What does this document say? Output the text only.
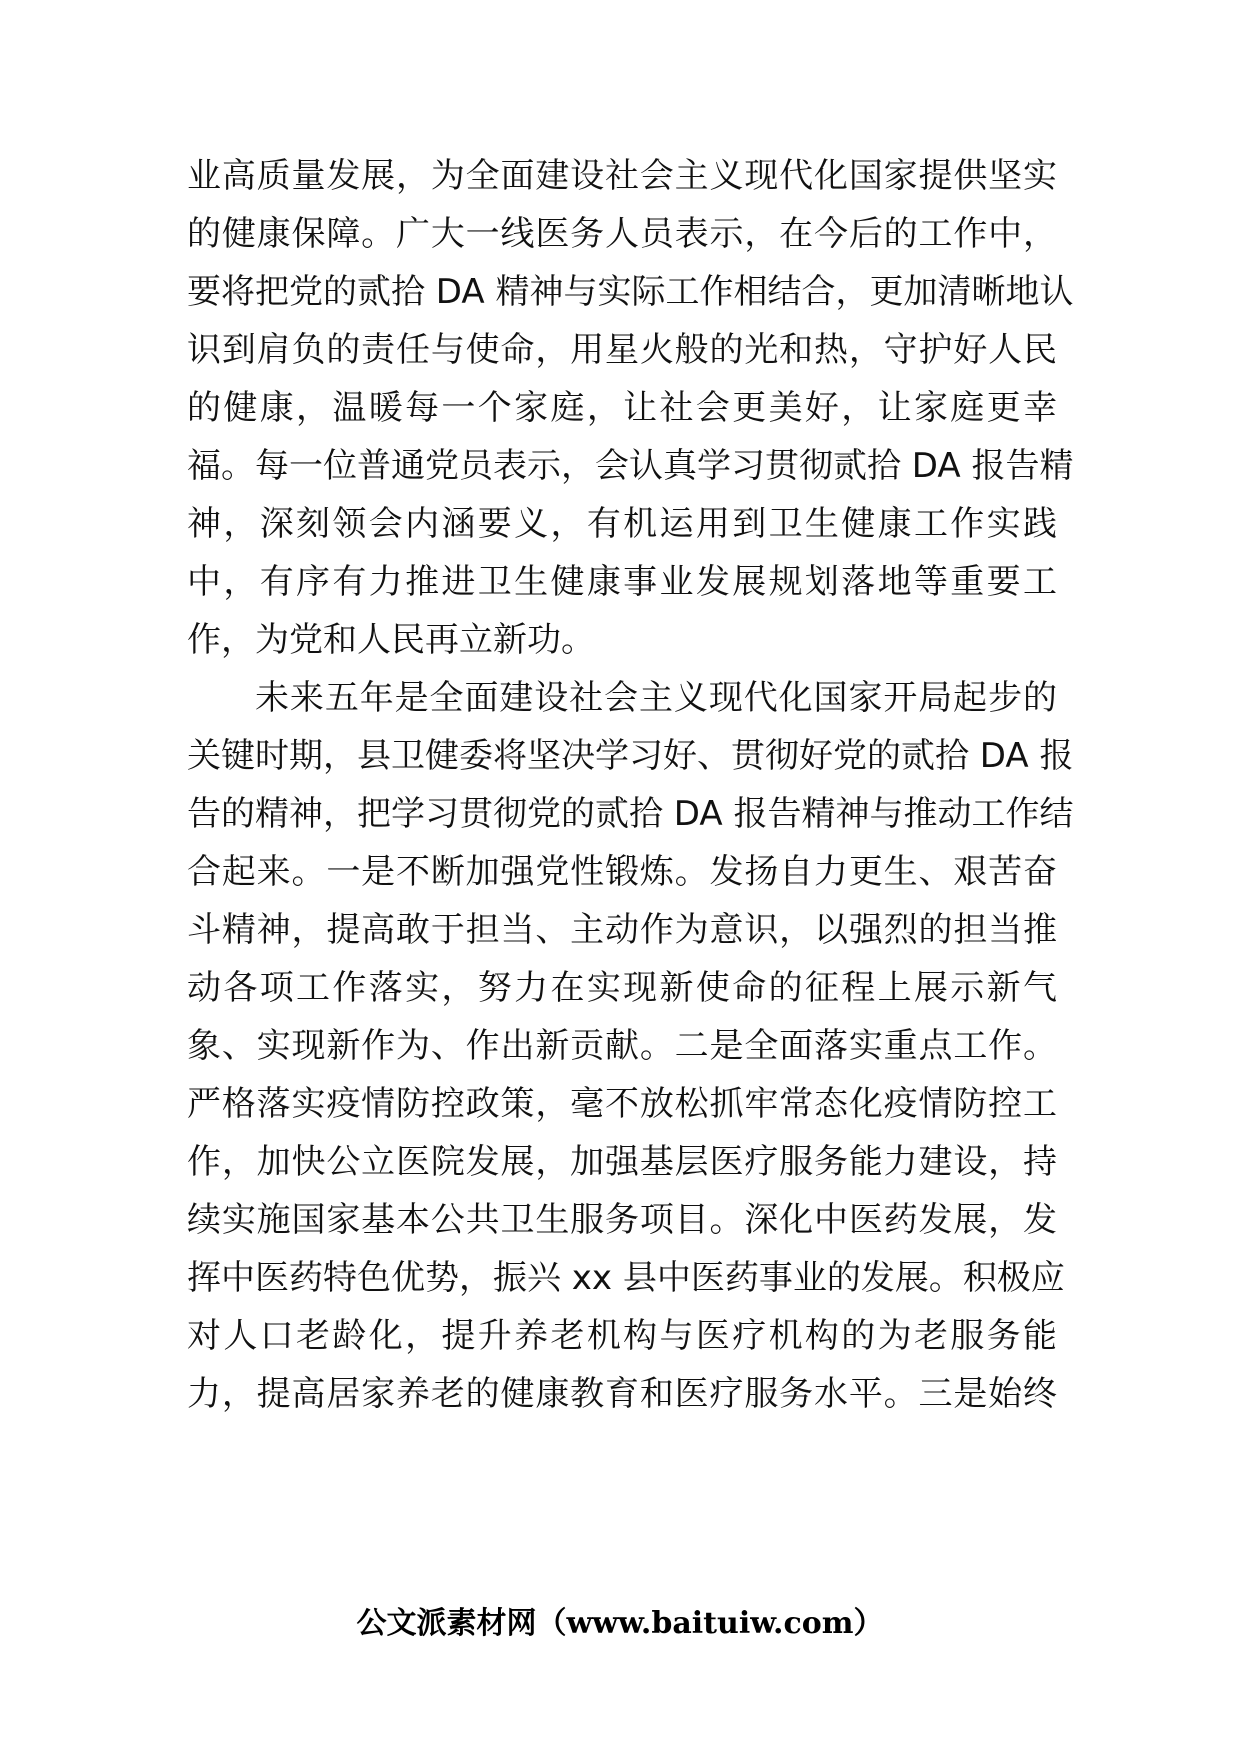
业高质量发展，为全面建设社会主义现代化国家提供坚实
的健康保障。广大一线医务人员表示，在今后的工作中，
要将把党的贰拾 DA 精神与实际工作相结合，更加清晰地认
识到肩负的责任与使命，用星火般的光和热，守护好人民
的健康，温暖每一个家庭，让社会更美好，让家庭更幸
福。每一位普通党员表示，会认真学习贯彻贰拾 DA 报告精
神，深刻领会内涵要义，有机运用到卫生健康工作实践
中，有序有力推进卫生健康事业发展规划落地等重要工
作，为党和人民再立新功。
未来五年是全面建设社会主义现代化国家开局起步的
关键时期，县卫健委将坚决学习好、贯彻好党的贰拾 DA 报
告的精神，把学习贯彻党的贰拾 DA 报告精神与推动工作结
合起来。一是不断加强党性锻炼。发扬自力更生、艰苦奋
斗精神，提高敢于担当、主动作为意识，以强烈的担当推
动各项工作落实，努力在实现新使命的征程上展示新气
象、实现新作为、作出新贡献。二是全面落实重点工作。
严格落实疫情防控政策，毫不放松抓牢常态化疫情防控工
作，加快公立医院发展，加强基层医疗服务能力建设，持
续实施国家基本公共卫生服务项目。深化中医药发展，发
挥中医药特色优势，振兴 xx 县中医药事业的发展。积极应
对人口老龄化，提升养老机构与医疗机构的为老服务能
力，提高居家养老的健康教育和医疗服务水平。三是始终
公文派素材网（www.baituiw.com）
